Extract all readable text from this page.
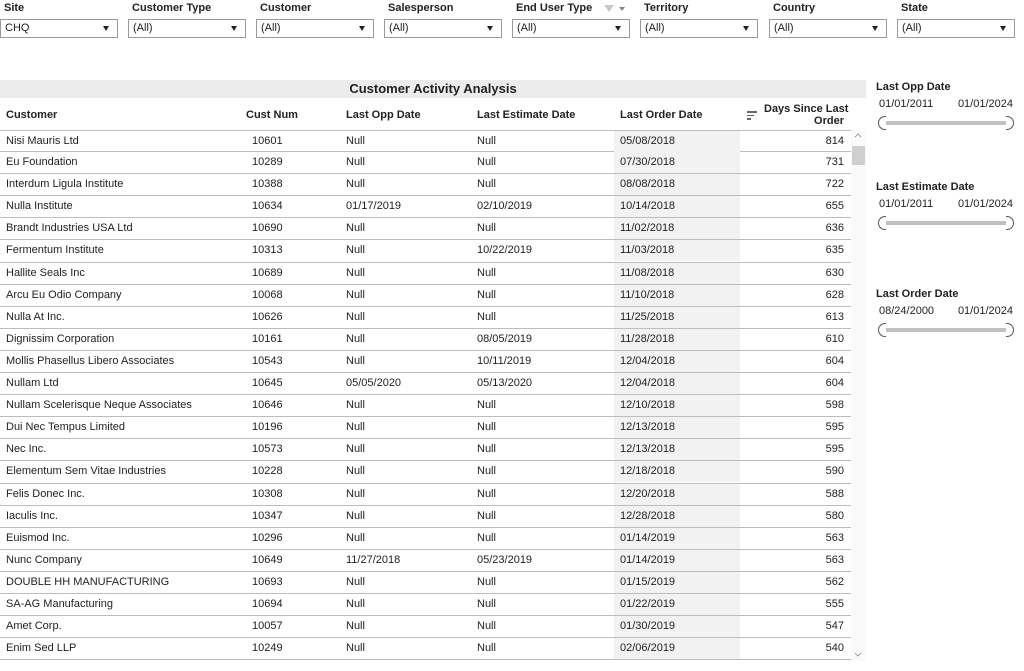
Site
CHQ
Customer Type
(All)
Customer
(All)
Salesperson
(All)
End User Type
(All)
Territory
(All)
Country
(All)
State
(All)
Customer Activity Analysis
Customer	Cust Num	Last Opp Date	Last Estimate Date	Last Order Date	Days Since Last
Order
Nisi Mauris Ltd	10601	Null	Null	05/08/2018	814
Eu Foundation	10289	Null	Null	07/30/2018	731
Interdum Ligula Institute	10388	Null	Null	08/08/2018	722
Nulla Institute	10634	01/17/2019	02/10/2019	10/14/2018	655
Brandt Industries USA Ltd	10690	Null	Null	11/02/2018	636
Fermentum Institute	10313	Null	10/22/2019	11/03/2018	635
Hallite Seals Inc	10689	Null	Null	11/08/2018	630
Arcu Eu Odio Company	10068	Null	Null	11/10/2018	628
Nulla At Inc.	10626	Null	Null	11/25/2018	613
Dignissim Corporation	10161	Null	08/05/2019	11/28/2018	610
Mollis Phasellus Libero Associates	10543	Null	10/11/2019	12/04/2018	604
Nullam Ltd	10645	05/05/2020	05/13/2020	12/04/2018	604
Nullam Scelerisque Neque Associates	10646	Null	Null	12/10/2018	598
Dui Nec Tempus Limited	10196	Null	Null	12/13/2018	595
Nec Inc.	10573	Null	Null	12/13/2018	595
Elementum Sem Vitae Industries	10228	Null	Null	12/18/2018	590
Felis Donec Inc.	10308	Null	Null	12/20/2018	588
Iaculis Inc.	10347	Null	Null	12/28/2018	580
Euismod Inc.	10296	Null	Null	01/14/2019	563
Nunc Company	10649	11/27/2018	05/23/2019	01/14/2019	563
DOUBLE HH MANUFACTURING	10693	Null	Null	01/15/2019	562
SA-AG Manufacturing	10694	Null	Null	01/22/2019	555
Amet Corp.	10057	Null	Null	01/30/2019	547
Enim Sed LLP	10249	Null	Null	02/06/2019	540
Last Opp Date
01/01/2011 01/01/2024
Last Estimate Date
01/01/2011 01/01/2024
Last Order Date
08/24/2000 01/01/2024
